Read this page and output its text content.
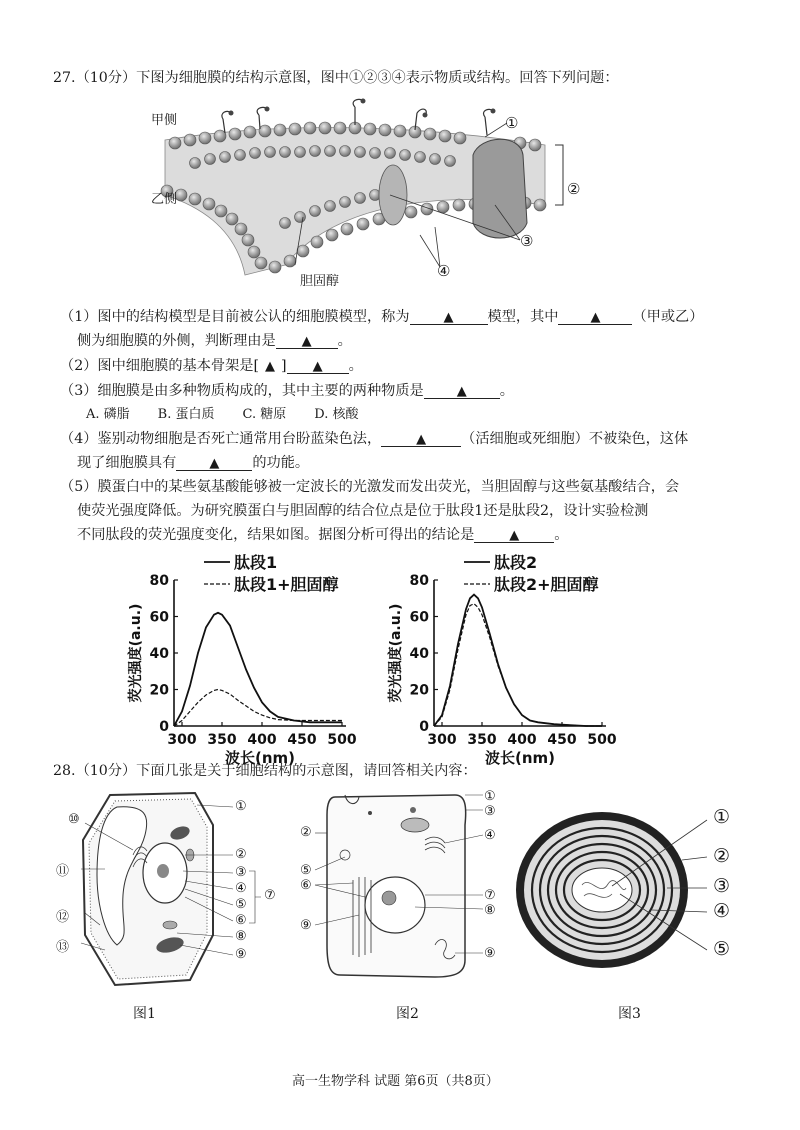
27.（10分）下图为细胞膜的结构示意图，图中①②③④表示物质或结构。回答下列问题：
甲侧
乙侧
胆固醇
①
②
③
④
（1）图中的结构模型是目前被公认的细胞膜模型，称为	▲ 模型，其中 ▲ （甲或乙）
侧为细胞膜的外侧，判断理由是 ▲ 。
（2）图中细胞膜的基本骨架是[ ▲ ] ▲ 。
（3）细胞膜是由多种物质构成的，其中主要的两种物质是	▲ 。
A. 磷脂 B. 蛋白质 C. 糖原 D. 核酸
（4）鉴别动物细胞是否死亡通常用台盼蓝染色法，	▲ （活细胞或死细胞）不被染色，这体
现了细胞膜具有	▲ 的功能。
（5）膜蛋白中的某些氨基酸能够被一定波长的光激发而发出荧光，当胆固醇与这些氨基酸结合，会
使荧光强度降低。为研究膜蛋白与胆固醇的结合位点是位于肽段1还是肽段2，设计实验检测
不同肽段的荧光强度变化，结果如图。据图分析可得出的结论是	▲ 。
0
20
40
60
80
300 350 400 450 500
波长(nm)
荧光强度(a.u.)
肽段1
肽段1+胆固醇
0
20
40
60
80
300 350 400 450 500
波长(nm)
荧光强度(a.u.)
肽段2
肽段2+胆固醇
28.（10分）下面几张是关于细胞结构的示意图，请回答相关内容：
①
②
③
④
⑤
⑥
⑦
⑧
⑨
⑩
⑪
⑫
⑬
图1
①
③
④
⑦
⑧
⑨
②
⑤
⑥
⑨
图2
①
②
③
④
⑤
图3
高一生物学科 试题 第6页（共8页）
